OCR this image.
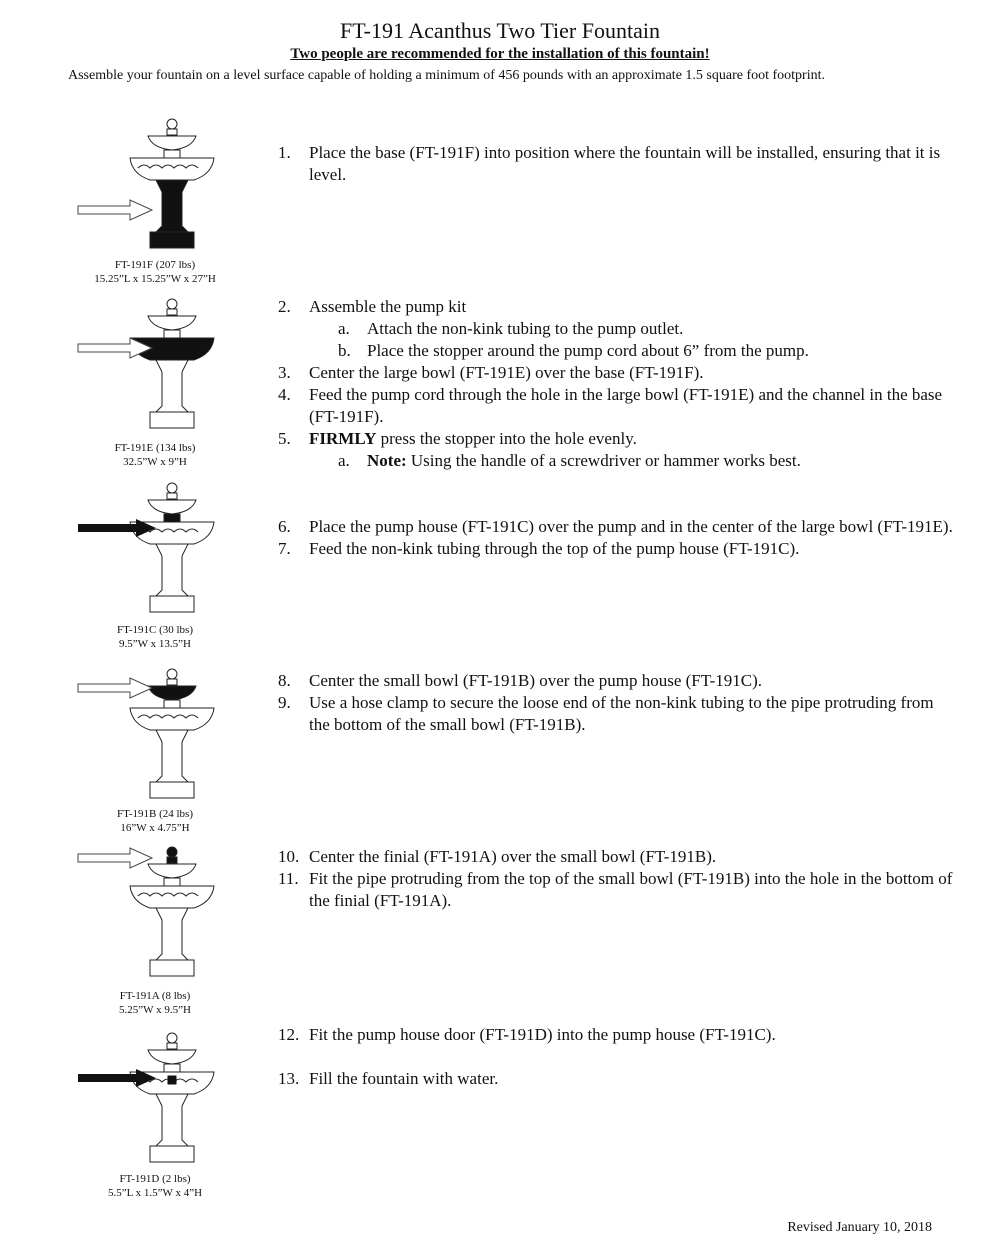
FT-191 Acanthus Two Tier Fountain
Two people are recommended for the installation of this fountain!
Assemble your fountain on a level surface capable of holding a minimum of 456 pounds with an approximate 1.5 square foot footprint.
FT-191F (207 lbs)
15.25”L x 15.25”W x 27”H
FT-191E (134 lbs)
32.5”W x 9”H
FT-191C (30 lbs)
9.5”W x 13.5”H
FT-191B (24 lbs)
16”W x 4.75”H
FT-191A (8 lbs)
5.25”W x 9.5”H
FT-191D (2 lbs)
5.5”L x 1.5”W x 4”H
1. Place the base (FT-191F) into position where the fountain will be installed, ensuring that it is level.
2. Assemble the pump kit
a. Attach the non-kink tubing to the pump outlet.
b. Place the stopper around the pump cord about 6” from the pump.
3. Center the large bowl (FT-191E) over the base (FT-191F).
4. Feed the pump cord through the hole in the large bowl (FT-191E) and the channel in the base (FT-191F).
5. FIRMLY press the stopper into the hole evenly.
a. Note: Using the handle of a screwdriver or hammer works best.
6. Place the pump house (FT-191C) over the pump and in the center of the large bowl (FT-191E).
7. Feed the non-kink tubing through the top of the pump house (FT-191C).
8. Center the small bowl (FT-191B) over the pump house (FT-191C).
9. Use a hose clamp to secure the loose end of the non-kink tubing to the pipe protruding from the bottom of the small bowl (FT-191B).
10. Center the finial (FT-191A) over the small bowl (FT-191B).
11. Fit the pipe protruding from the top of the small bowl (FT-191B) into the hole in the bottom of the finial (FT-191A).
12. Fit the pump house door (FT-191D) into the pump house (FT-191C).
13. Fill the fountain with water.
Revised January 10, 2018
